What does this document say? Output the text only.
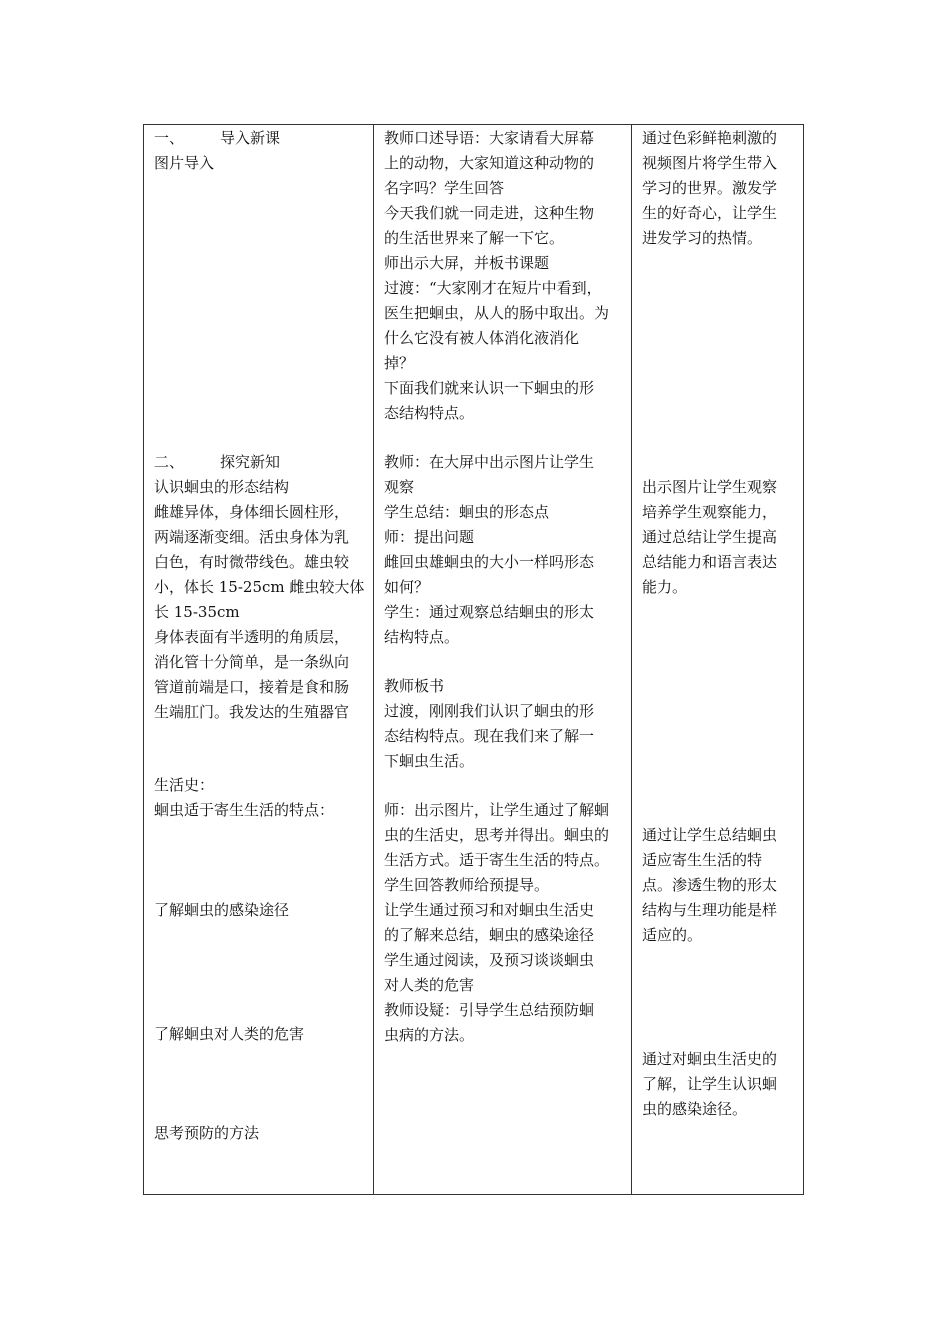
一、 导入新课

图片导入

二、 探究新知

认识蛔虫的形态结构

雌雄异体，身体细长圆柱形，

两端逐渐变细。活虫身体为乳

白色，有时微带线色。雄虫较

小，体长 15-25cm 雌虫较大体

长 15-35cm

身体表面有半透明的角质层，

消化管十分简单，是一条纵向

管道前端是口，接着是食和肠

生端肛门。我发达的生殖器官

生活史：

蛔虫适于寄生生活的特点：

了解蛔虫的感染途径

了解蛔虫对人类的危害

思考预防的方法

教师口述导语：大家请看大屏幕

上的动物，大家知道这种动物的

名字吗？学生回答

今天我们就一同走进，这种生物

的生活世界来了解一下它。

师出示大屏，并板书课题

过渡：“大家刚才在短片中看到，

医生把蛔虫，从人的肠中取出。为

什么它没有被人体消化液消化

掉？

下面我们就来认识一下蛔虫的形

态结构特点。

教师：在大屏中出示图片让学生

观察

学生总结：蛔虫的形态点

师：提出问题

雌回虫雄蛔虫的大小一样吗形态

如何？

学生：通过观察总结蛔虫的形太

结构特点。

教师板书

过渡，刚刚我们认识了蛔虫的形

态结构特点。现在我们来了解一

下蛔虫生活。

师：出示图片，让学生通过了解蛔

虫的生活史，思考并得出。蛔虫的

生活方式。适于寄生生活的特点。

学生回答教师给预提导。

让学生通过预习和对蛔虫生活史

的了解来总结，蛔虫的感染途径

学生通过阅读，及预习谈谈蛔虫

对人类的危害

教师设疑：引导学生总结预防蛔

虫病的方法。

通过色彩鲜艳刺激的

视频图片将学生带入

学习的世界。激发学

生的好奇心，让学生

进发学习的热情。

出示图片让学生观察

培养学生观察能力，

通过总结让学生提高

总结能力和语言表达

能力。

通过让学生总结蛔虫

适应寄生生活的特

点。渗透生物的形太

结构与生理功能是样

适应的。

通过对蛔虫生活史的

了解，让学生认识蛔

虫的感染途径。
